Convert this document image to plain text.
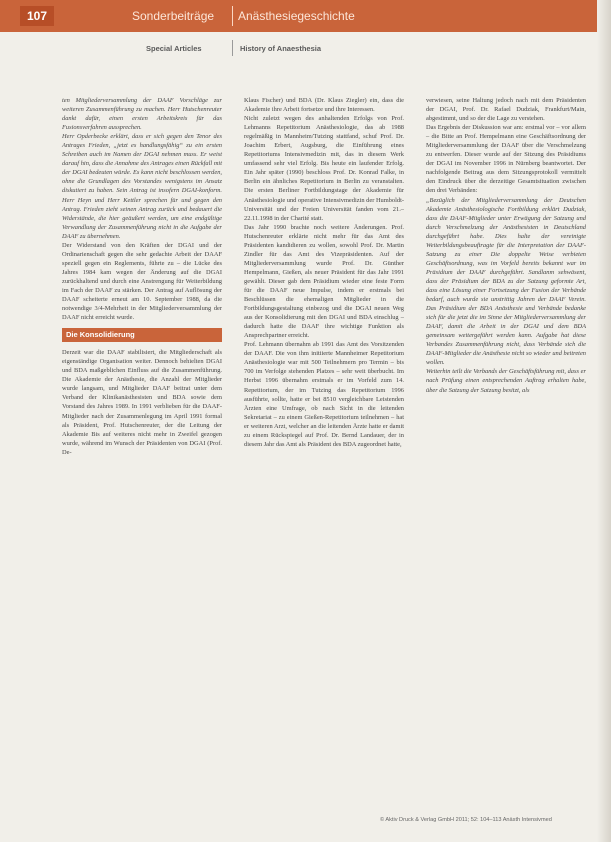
107	Sonderbeiträge Anästhesiegeschichte
Special Articles	History of Anaesthesia

ten Mitgliederversammlung der DAAF Vorschläge zur weiteren Zusammenführung zu machen. Herr Hutschenreuter dankt dafür, einen ersten Arbeitskreis für das Fusionsverfahren aussprechen.

Herr Opderbecke erklärt, dass er sich gegen den Tenor des Antrages Frieden, „jetzt es handlungsfähig“ zu ein ersten Schreiben auch im Namen der DGAI nehmen muss. Er weist darauf hin, dass die Annahme des Antrages einen Rückfall mit der DGAI bedeuten würde. Es kann nicht beschlossen werden, ohne die Grundlagen des Vorstandes wenigstens im Ansatz diskutiert zu haben. Sein Antrag ist insofern DGAI-konform. Herr Heyn und Herr Kettler sprechen für und gegen den Antrag. Frieden zieht seinen Antrag zurück und bedauert die Widerstände, die hier geäußert werden, um eine endgültige Verwandlung der Zusammenführung nicht in die Aufgabe der DAAF zu übernehmen.

Der Widerstand von den Kräften der DGAI und der Ordinarienschaft gegen die sehr gedachte Arbeit der DAAF speziell gegen ein Reglements, führte zu – die Lücke des Jahres 1984 kam wegen der Änderung auf die DGAI zurückhaltend und durch eine Anstrengung für Weiterbildung im Fach der DAAF zu stärken. Der Antrag auf Auflösung der DAAF scheiterte erneut am 10. September 1988, da die notwendige 3/4-Mehrheit in der Mitgliederversammlung der DAAF nicht erreicht wurde.

Die Konsolidierung

Derzeit war die DAAF stabilisiert, die Mitgliederschaft als eigenständige Organisation weiter. Dennoch behielten DGAI und BDA maßgeblichen Einfluss auf die Zusammenführung. Die Akademie der Anästhesie, die Anzahl der Mitglieder wurde langsam, und Mitglieder DAAF beitrat unter dem Verband der Klinikanästhesisten und BDA sowie dem Vorstand des Jahres 1989. In 1991 verblieben für die DAAF-Mitglieder nach der Zusammenlegung im April 1991 formal als Präsident, Prof. Hutschenreuter, der die Leitung der Akademie Bis auf weiteres nicht mehr in Zweifel gezogen wurde, während im Wunsch der Präsidenten von DGAI (Prof. De-

Klaus Fischer) und BDA (Dr. Klaus Ziegler) ein, dass die Akademie ihre Arbeit fortsetze und ihre Interessen.

Nicht zuletzt wegen des anhaltenden Erfolgs von Prof. Lehmanns Repetitorium Anästhesiologie, das ab 1988 regelmäßig in Mannheim/Tutzing stattfand, schuf Prof. Dr. Joachim Erbert, Augsburg, die Einführung eines Repetitoriums Intensivmedizin mit, das in diesem Werk umfassend sehr viel Erfolg. Bis heute ein laufender Erfolg. Ein Jahr später (1990) beschloss Prof. Dr. Konrad Falke, in Berlin ein ähnliches Repetitorium in Berlin zu veranstalten. Die ersten Berliner Fortbildungstage der Akademie für Anästhesiologie und operative Intensivmedizin der Humboldt-Universität und der Freien Universität fanden vom 21.–22.11.1998 in der Charité statt.

Das Jahr 1990 brachte noch weitere Änderungen. Prof. Hutschenreuter erklärte nicht mehr für das Amt des Präsidenten kandidieren zu wollen, sowohl Prof. Dr. Martin Zindler für das Amt des Vizepräsidenten. Auf der Mitgliederversammlung wurde Prof. Dr. Günther Hempelmann, Gießen, als neuer Präsident für das Jahr 1991 gewählt. Dieser gab dem Präsidium wieder eine feste Form für die DAAF neue Impulse, indem er erstmals bei Beschlüssen die ehemaligen Mitglieder in die Fortbildungsgestaltung einbezog und die DGAI neuen Weg aus der Konsolidierung mit den DGAI und BDA einschlug – dadurch hatte die DAAF ihre wichtige Funktion als Ansprechpartner erreicht.

Prof. Lehmann übernahm ab 1991 das Amt des Vorsitzenden der DAAF. Die von ihm initiierte Mannheimer Repetitorium Anästhesiologie war mit 500 Teilnehmern pro Termin – bis 700 im Verfolge stehenden Platzes – sehr weit überbucht. Im Herbst 1996 übernahm erstmals er im Vorfeld zum 14. Repetitorium, der im Tutzing das Repetitorium 1996 ausführte, sollte, hatte er bei 8510 vergleichbare Leistenden Ärzten eine Umfrage, ob nach Sicht in die leitenden Sekretariat – zu einem Gießen-Repetitorium teilnehmen – hat er weiteren Arzt, welcher an die leitenden Ärzte hatte er damit zu einem Rückspiegel auf Prof. Dr. Bernd Landauer, der in diesem Jahr das Amt als Präsident des BDA zugeordnet hatte,

verwiesen, seine Haltung jedoch nach mit dem Präsidenten der DGAI, Prof. Dr. Rafael Dudziak, Frankfurt/Main, abgestimmt, und so der die Lage zu verstehen.

Das Ergebnis der Diskussion war am: erstmal vor – vor allem – die Bitte an Prof. Hempelmann eine Geschäftsordnung der Mitgliederversammlung der DAAF über die Verschmelzung zu entwerfen. Dieser wurde auf der Sitzung des Präsidiums der DGAI im November 1996 in Nürnberg beantwortet. Der nachfolgende Beitrag aus dem Sitzungsprotokoll vermittelt den Eindruck über die derzeitige Gesamtsituation zwischen den drei Verbänden:

„Bezüglich der Mitgliederversammlung der Deutschen Akademie Anästhesiologische Fortbildung erklärt Dudziak, dass die DAAF-Mitglieder unter Erwägung der Satzung und durch Verschmelzung der Anästhesisten in Deutschland durchgeführt habe. Dies halte der vereinigte Weiterbildungsbeauftragte für die Interpretation der DAAF-Satzung zu einer Die doppelte Weise verbieten Geschäftsordnung, was im Vorfeld bereits bekannt war im Präsidium der DAAF durchgeführt. Sandlanm sehwäsent, dass der Präsidium der BDA zu der Satzung geformte Art, dass eine Lösung einer Fortsetzung der Fusion der Verbände bedarf, auch wurde sie unstrittig Jahren der DAAF Verein. Das Präsidium der BDA Anästhesie und Verbände bedanke sich für die jetzt die im Sinne der Mitgliederversammlung der DAAF, damit die Arbeit in der DGAI und dem BDA gemeinsam weitergeführt werden kann. Aufgabe hat diese Verbandes Zusammenführung nicht, dass Verbände sich die DAAF-Mitglieder die Anästhesie nicht so wieder und beitreten wollen.

Weiterhin teilt die Verbands der Geschäftsführung mit, dass er nach Prüfung einen entsprechenden Auftrag erhalten habe, über die Satzung der Satzung besitzt, als

© Aktiv Druck & Verlag GmbH 2011; 52: 104–113 Anästh Intensivmed
